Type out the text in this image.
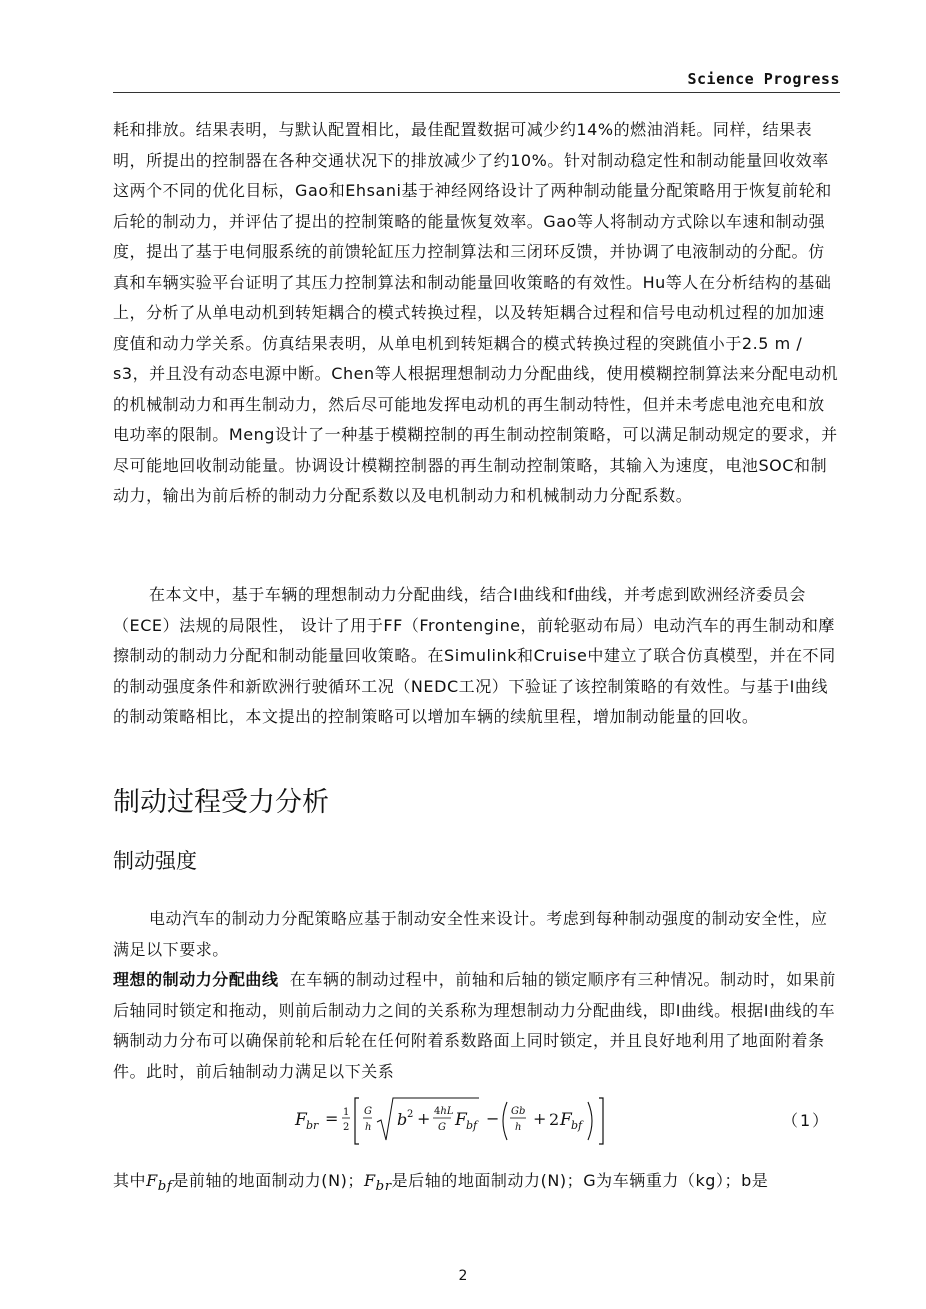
Science Progress
耗和排放。结果表明，与默认配置相比，最佳配置数据可减少约14%的燃油消耗。同样，结果表明，所提出的控制器在各种交通状况下的排放减少了约10%。针对制动稳定性和制动能量回收效率这两个不同的优化目标，Gao和Ehsani基于神经网络设计了两种制动能量分配策略用于恢复前轮和后轮的制动力，并评估了提出的控制策略的能量恢复效率。Gao等人将制动方式除以车速和制动强度，提出了基于电伺服系统的前馈轮缸压力控制算法和三闭环反馈，并协调了电液制动的分配。仿真和车辆实验平台证明了其压力控制算法和制动能量回收策略的有效性。Hu等人在分析结构的基础上，分析了从单电动机到转矩耦合的模式转换过程，以及转矩耦合过程和信号电动机过程的加加速度值和动力学关系。仿真结果表明，从单电机到转矩耦合的模式转换过程的突跳值小于2.5 m / s3，并且没有动态电源中断。Chen等人根据理想制动力分配曲线，使用模糊控制算法来分配电动机的机械制动力和再生制动力，然后尽可能地发挥电动机的再生制动特性，但并未考虑电池充电和放电功率的限制。Meng设计了一种基于模糊控制的再生制动控制策略，可以满足制动规定的要求，并尽可能地回收制动能量。协调设计模糊控制器的再生制动控制策略，其输入为速度，电池SOC和制动力，输出为前后桥的制动力分配系数以及电机制动力和机械制动力分配系数。
在本文中，基于车辆的理想制动力分配曲线，结合I曲线和f曲线，并考虑到欧洲经济委员会（ECE）法规的局限性， 设计了用于FF（Frontengine，前轮驱动布局）电动汽车的再生制动和摩擦制动的制动力分配和制动能量回收策略。在Simulink和Cruise中建立了联合仿真模型，并在不同的制动强度条件和新欧洲行驶循环工况（NEDC工况）下验证了该控制策略的有效性。与基于I曲线的制动策略相比，本文提出的控制策略可以增加车辆的续航里程，增加制动能量的回收。
制动过程受力分析
制动强度
电动汽车的制动力分配策略应基于制动安全性来设计。考虑到每种制动强度的制动安全性，应满足以下要求。
理想的制动力分配曲线 在车辆的制动过程中，前轴和后轴的锁定顺序有三种情况。制动时，如果前后轴同时锁定和拖动，则前后制动力之间的关系称为理想制动力分配曲线，即I曲线。根据I曲线的车辆制动力分布可以确保前轮和后轮在任何附着系数路面上同时锁定，并且良好地利用了地面附着条件。此时，前后轴制动力满足以下关系
F br = 1
2
G
h b 2 + 4hL
G F bf − Gb
h + 2 F bf	（1）
其中$F_{bf}$是前轴的地面制动力(N)；$F_{br}$是后轴的地面制动力(N)；G为车辆重力（kg）；b是
2
